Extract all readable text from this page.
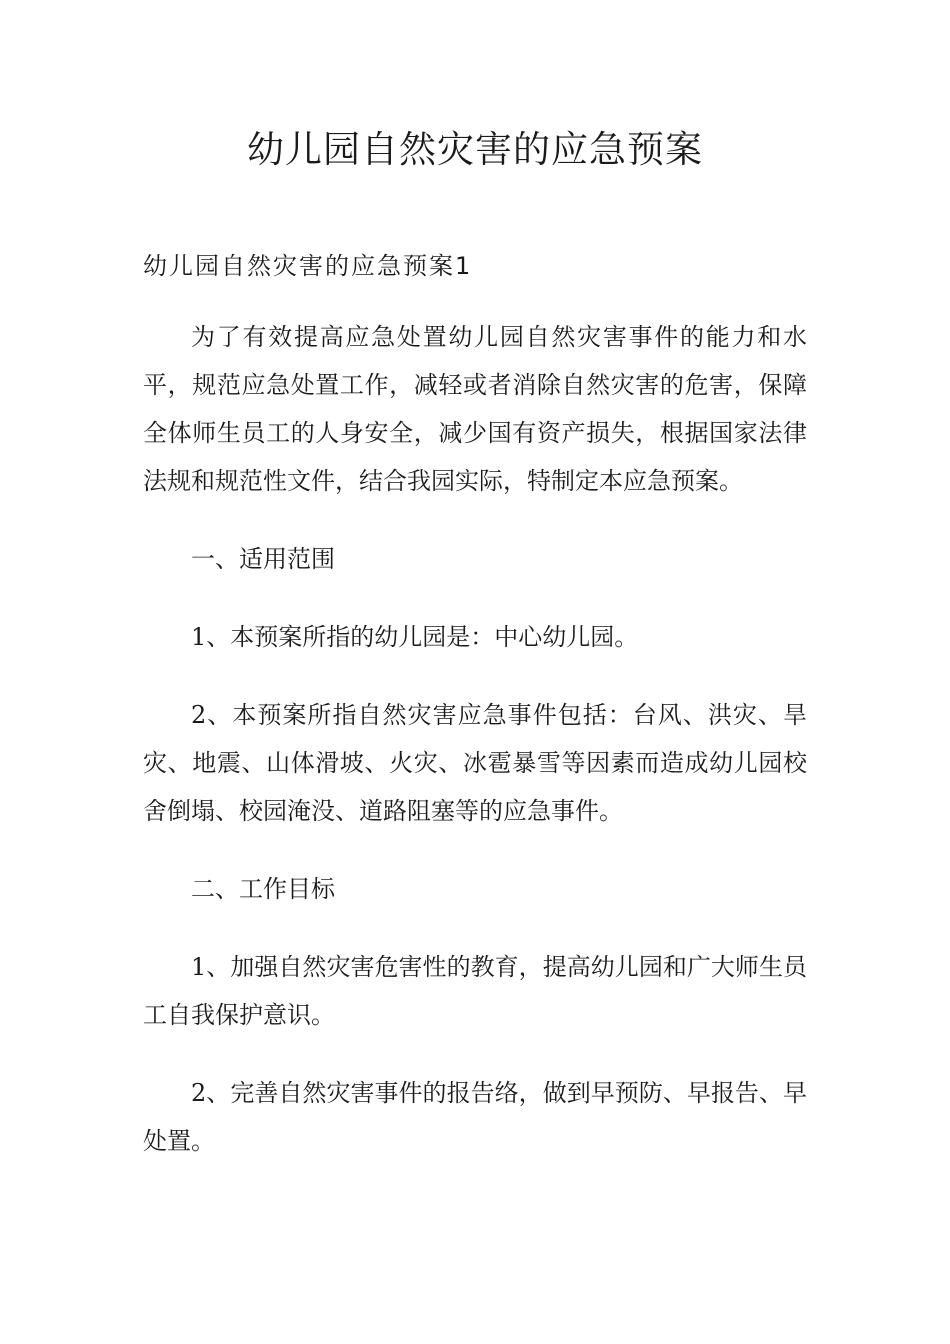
幼儿园自然灾害的应急预案
幼儿园自然灾害的应急预案1

为了有效提高应急处置幼儿园自然灾害事件的能力和水平，规范应急处置工作，减轻或者消除自然灾害的危害，保障全体师生员工的人身安全，减少国有资产损失，根据国家法律法规和规范性文件，结合我园实际，特制定本应急预案。

一、适用范围

1、本预案所指的幼儿园是：中心幼儿园。

2、本预案所指自然灾害应急事件包括：台风、洪灾、旱灾、地震、山体滑坡、火灾、冰雹暴雪等因素而造成幼儿园校舍倒塌、校园淹没、道路阻塞等的应急事件。

二、工作目标

1、加强自然灾害危害性的教育，提高幼儿园和广大师生员工自我保护意识。

2、完善自然灾害事件的报告络，做到早预防、早报告、早处置。
